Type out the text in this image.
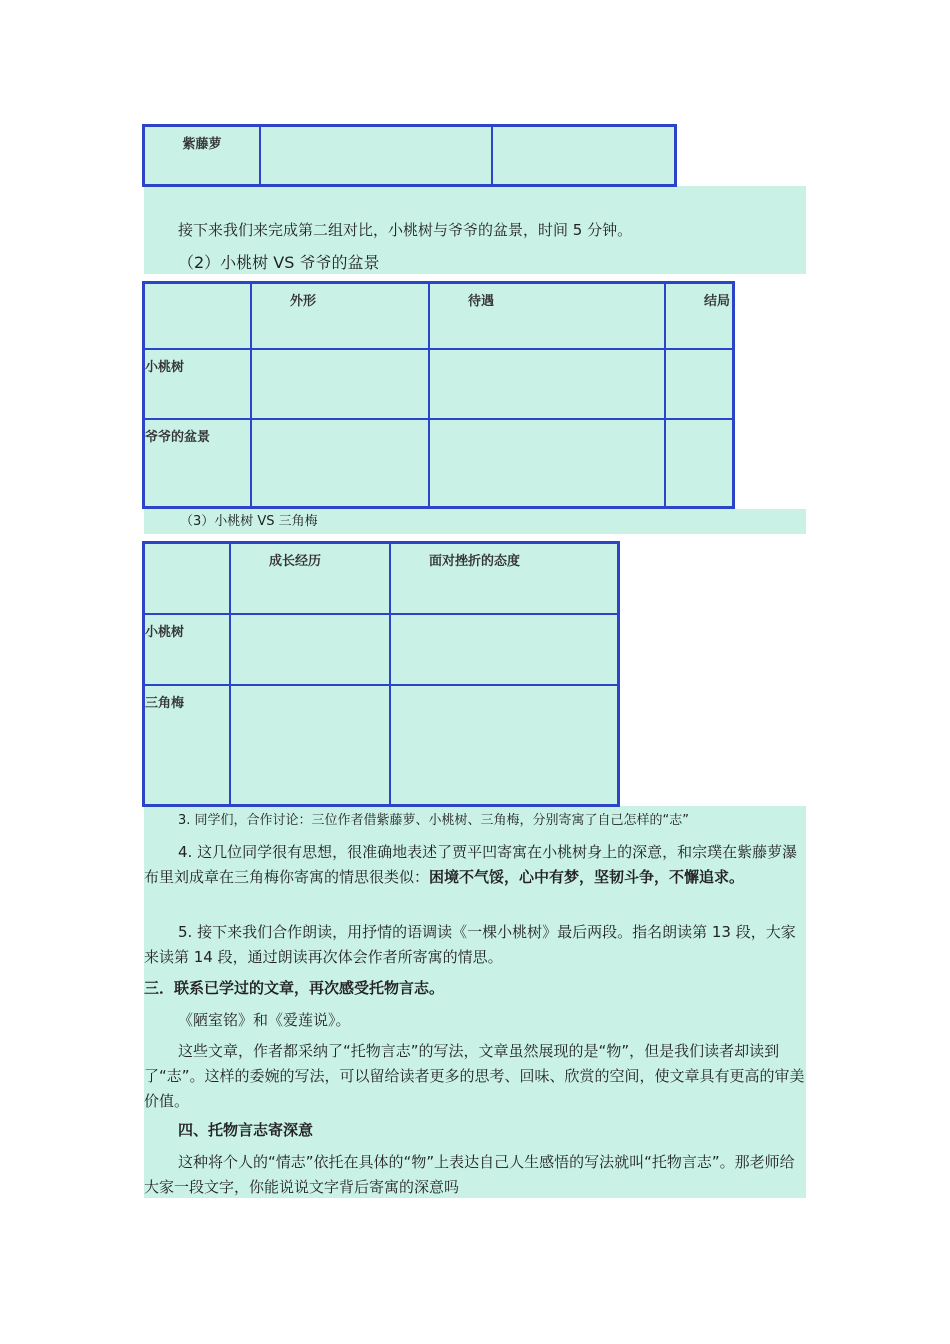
紫藤萝		
接下来我们来完成第二组对比，小桃树与爷爷的盆景，时间 5 分钟。
（2）小桃树 VS 爷爷的盆景
	外形	待遇	结局
小桃树			
爷爷的盆景			
（3）小桃树 VS 三角梅
	成长经历	面对挫折的态度
小桃树		
三角梅		
3. 同学们，合作讨论：三位作者借紫藤萝、小桃树、三角梅，分别寄寓了自己怎样的“志”
4. 这几位同学很有思想，很准确地表述了贾平凹寄寓在小桃树身上的深意，和宗璞在紫藤萝瀑布里刘成章在三角梅你寄寓的情思很类似：困境不气馁，心中有梦，坚韧斗争，不懈追求。
5. 接下来我们合作朗读，用抒情的语调读《一棵小桃树》最后两段。指名朗读第 13 段，大家来读第 14 段，通过朗读再次体会作者所寄寓的情思。
三．联系已学过的文章，再次感受托物言志。
《陋室铭》和《爱莲说》。
这些文章，作者都采纳了“托物言志”的写法，文章虽然展现的是“物”，但是我们读者却读到了“志”。这样的委婉的写法，可以留给读者更多的思考、回味、欣赏的空间，使文章具有更高的审美价值。
四、托物言志寄深意
这种将个人的“情志”依托在具体的“物”上表达自己人生感悟的写法就叫“托物言志”。那老师给大家一段文字，你能说说文字背后寄寓的深意吗
